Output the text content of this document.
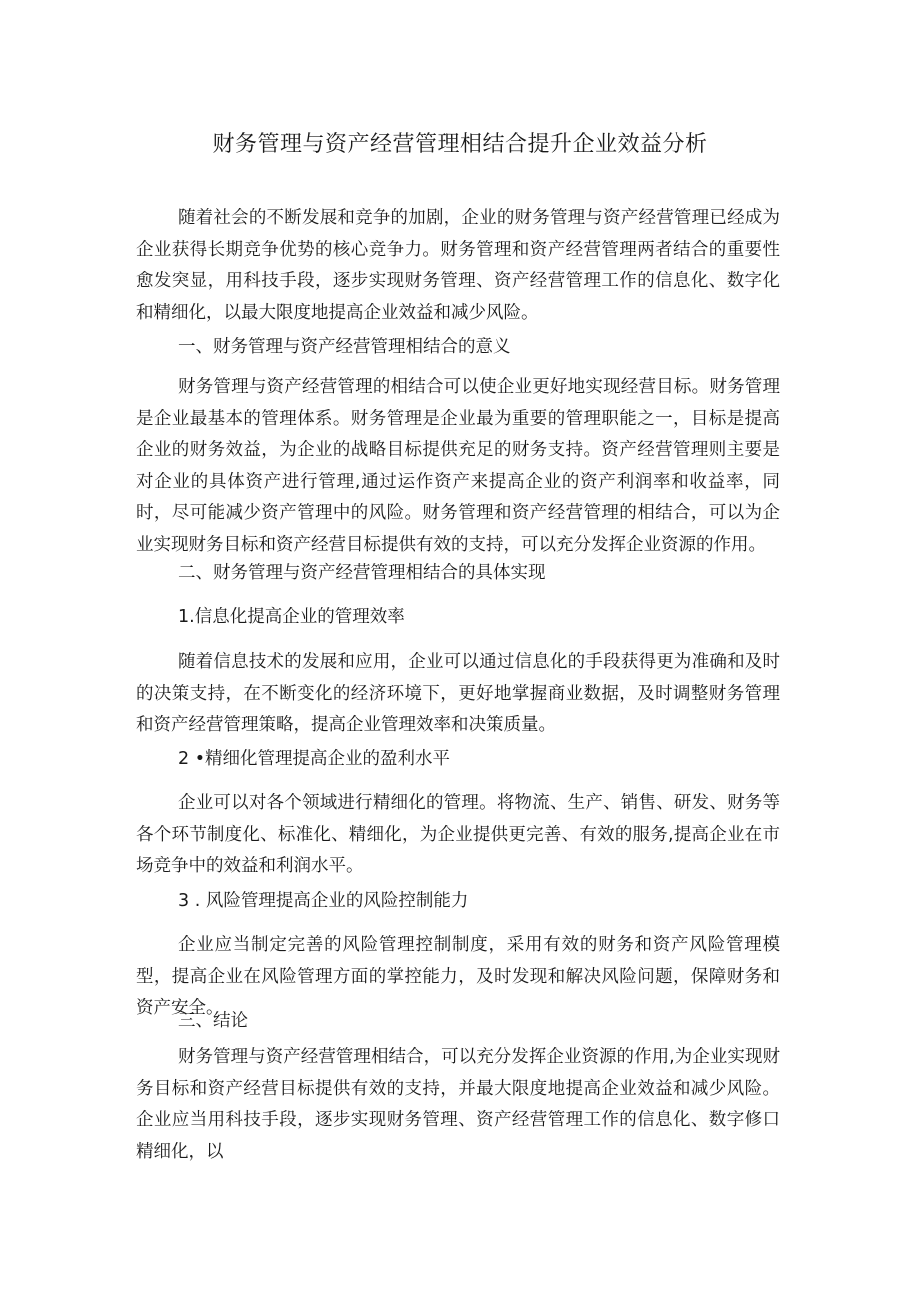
财务管理与资产经营管理相结合提升企业效益分析

随着社会的不断发展和竞争的加剧，企业的财务管理与资产经营管理已经成为企业获得长期竞争优势的核心竞争力。财务管理和资产经营管理两者结合的重要性愈发突显，用科技手段，逐步实现财务管理、资产经营管理工作的信息化、数字化和精细化，以最大限度地提高企业效益和减少风险。

一、财务管理与资产经营管理相结合的意义

财务管理与资产经营管理的相结合可以使企业更好地实现经营目标。财务管理是企业最基本的管理体系。财务管理是企业最为重要的管理职能之一，目标是提高企业的财务效益，为企业的战略目标提供充足的财务支持。资产经营管理则主要是对企业的具体资产进行管理,通过运作资产来提高企业的资产利润率和收益率，同时，尽可能减少资产管理中的风险。财务管理和资产经营管理的相结合，可以为企业实现财务目标和资产经营目标提供有效的支持，可以充分发挥企业资源的作用。

二、财务管理与资产经营管理相结合的具体实现

1.信息化提高企业的管理效率

随着信息技术的发展和应用，企业可以通过信息化的手段获得更为准确和及时的决策支持，在不断变化的经济环境下，更好地掌握商业数据，及时调整财务管理和资产经营管理策略，提高企业管理效率和决策质量。

2 •精细化管理提高企业的盈利水平

企业可以对各个领域进行精细化的管理。将物流、生产、销售、研发、财务等各个环节制度化、标准化、精细化，为企业提供更完善、有效的服务,提高企业在市场竞争中的效益和利润水平。

3 . 风险管理提高企业的风险控制能力

企业应当制定完善的风险管理控制制度，采用有效的财务和资产风险管理模型，提高企业在风险管理方面的掌控能力，及时发现和解决风险问题，保障财务和资产安全。

三、结论

财务管理与资产经营管理相结合，可以充分发挥企业资源的作用,为企业实现财务目标和资产经营目标提供有效的支持，并最大限度地提高企业效益和减少风险。企业应当用科技手段，逐步实现财务管理、资产经营管理工作的信息化、数字修口精细化，以
